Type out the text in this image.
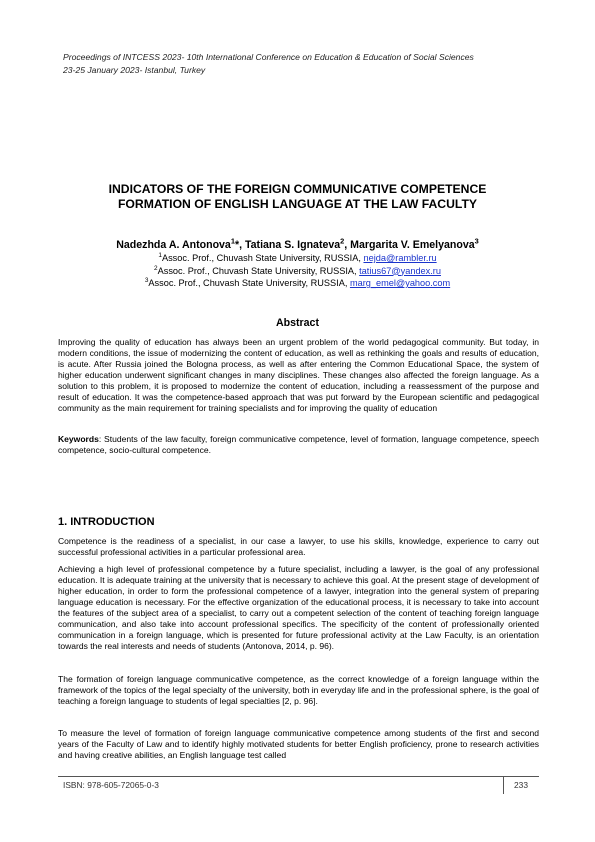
Proceedings of INTCESS 2023- 10th International Conference on Education & Education of Social Sciences
23-25 January 2023- Istanbul, Turkey
INDICATORS OF THE FOREIGN COMMUNICATIVE COMPETENCE
FORMATION OF ENGLISH LANGUAGE AT THE LAW FACULTY
Nadezhda A. Antonova$^1$*, Tatiana S. Ignateva$^2$, Margarita V. Emelyanova$^3$
$^1$Assoc. Prof., Chuvash State University, RUSSIA, nejda@rambler.ru
$^2$Assoc. Prof., Chuvash State University, RUSSIA, tatius67@yandex.ru
$^3$Assoc. Prof., Chuvash State University, RUSSIA, marg_emel@yahoo.com
Abstract

Improving the quality of education has always been an urgent problem of the world pedagogical community. But today, in modern conditions, the issue of modernizing the content of education, as well as rethinking the goals and results of education, is acute. After Russia joined the Bologna process, as well as after entering the Common Educational Space, the system of higher education underwent significant changes in many disciplines. These changes also affected the foreign language. As a solution to this problem, it is proposed to modernize the content of education, including a reassessment of the purpose and result of education. It was the competence-based approach that was put forward by the European scientific and pedagogical community as the main requirement for training specialists and for improving the quality of education

Keywords: Students of the law faculty, foreign communicative competence, level of formation, language competence, speech competence, socio-cultural competence.

1. INTRODUCTION

Competence is the readiness of a specialist, in our case a lawyer, to use his skills, knowledge, experience to carry out successful professional activities in a particular professional area.

Achieving a high level of professional competence by a future specialist, including a lawyer, is the goal of any professional education. It is adequate training at the university that is necessary to achieve this goal. At the present stage of development of higher education, in order to form the professional competence of a lawyer, integration into the general system of preparing language education is necessary. For the effective organization of the educational process, it is necessary to take into account the features of the subject area of a specialist, to carry out a competent selection of the content of teaching foreign language communication, and also take into account professional specifics. The specificity of the content of professionally oriented communication in a foreign language, which is presented for future professional activity at the Law Faculty, is an orientation towards the real interests and needs of students (Antonova, 2014, p. 96).

The formation of foreign language communicative competence, as the correct knowledge of a foreign language within the framework of the topics of the legal specialty of the university, both in everyday life and in the professional sphere, is the goal of teaching a foreign language to students of legal specialties [2, p. 96].

To measure the level of formation of foreign language communicative competence among students of the first and second years of the Faculty of Law and to identify highly motivated students for better English proficiency, prone to research activities and having creative abilities, an English language test called

ISBN: 978-605-72065-0-3	233
